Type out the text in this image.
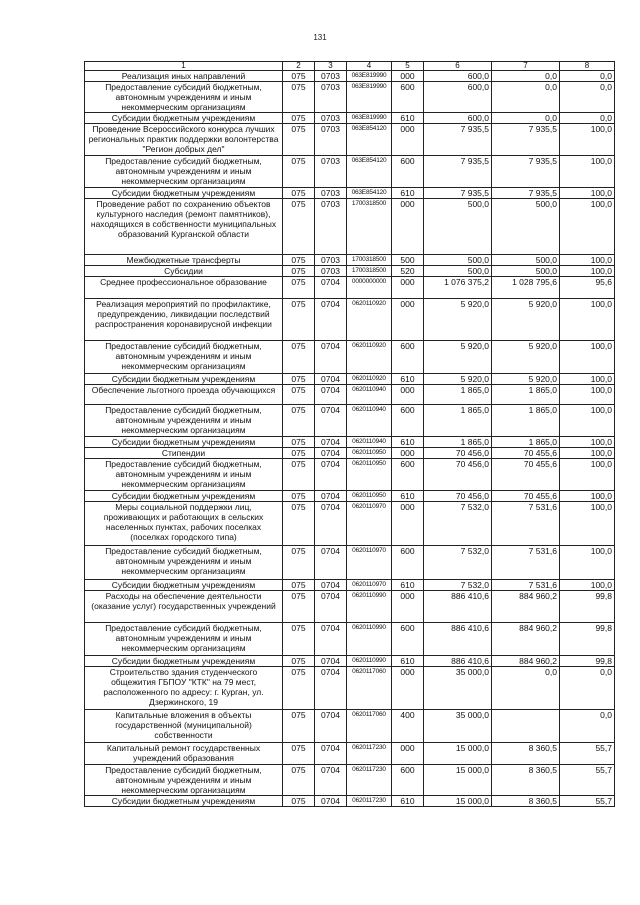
131
1	2	3	4	5	6	7	8
Реализация иных направлений	075	0703	063E819990	000	600,0	0,0	0,0
Предоставление субсидий бюджетным, автономным учреждениям и иным некоммерческим организациям	075	0703	063E819990	600	600,0	0,0	0,0
Субсидии бюджетным учреждениям	075	0703	063E819990	610	600,0	0,0	0,0
Проведение Всероссийского конкурса лучших региональных практик поддержки волонтерства "Регион добрых дел"	075	0703	063E854120	000	7 935,5	7 935,5	100,0
Предоставление субсидий бюджетным, автономным учреждениям и иным некоммерческим организациям	075	0703	063E854120	600	7 935,5	7 935,5	100,0
Субсидии бюджетным учреждениям	075	0703	063E854120	610	7 935,5	7 935,5	100,0
Проведение работ по сохранению объектов культурного наследия (ремонт памятников), находящихся в собственности муниципальных образований Курганской области	075	0703	1700318500	000	500,0	500,0	100,0
Межбюджетные трансферты	075	0703	1700318500	500	500,0	500,0	100,0
Субсидии	075	0703	1700318500	520	500,0	500,0	100,0
Среднее профессиональное образование	075	0704	0000000000	000	1 076 375,2	1 028 795,6	95,6
Реализация мероприятий по профилактике, предупреждению, ликвидации последствий распространения коронавирусной инфекции	075	0704	0620110920	000	5 920,0	5 920,0	100,0
Предоставление субсидий бюджетным, автономным учреждениям и иным некоммерческим организациям	075	0704	0620110920	600	5 920,0	5 920,0	100,0
Субсидии бюджетным учреждениям	075	0704	0620110920	610	5 920,0	5 920,0	100,0
Обеспечение льготного проезда обучающихся	075	0704	0620110940	000	1 865,0	1 865,0	100,0
Предоставление субсидий бюджетным, автономным учреждениям и иным некоммерческим организациям	075	0704	0620110940	600	1 865,0	1 865,0	100,0
Субсидии бюджетным учреждениям	075	0704	0620110940	610	1 865,0	1 865,0	100,0
Стипендии	075	0704	0620110950	000	70 456,0	70 455,6	100,0
Предоставление субсидий бюджетным, автономным учреждениям и иным некоммерческим организациям	075	0704	0620110950	600	70 456,0	70 455,6	100,0
Субсидии бюджетным учреждениям	075	0704	0620110950	610	70 456,0	70 455,6	100,0
Меры социальной поддержки лиц, проживающих и работающих в сельских населенных пунктах, рабочих поселках (поселках городского типа)	075	0704	0620110970	000	7 532,0	7 531,6	100,0
Предоставление субсидий бюджетным, автономным учреждениям и иным некоммерческим организациям	075	0704	0620110970	600	7 532,0	7 531,6	100,0
Субсидии бюджетным учреждениям	075	0704	0620110970	610	7 532,0	7 531,6	100,0
Расходы на обеспечение деятельности (оказание услуг) государственных учреждений	075	0704	0620110990	000	886 410,6	884 960,2	99,8
Предоставление субсидий бюджетным, автономным учреждениям и иным некоммерческим организациям	075	0704	0620110990	600	886 410,6	884 960,2	99,8
Субсидии бюджетным учреждениям	075	0704	0620110990	610	886 410,6	884 960,2	99,8
Строительство здания студенческого общежития ГБПОУ "КТК" на 79 мест, расположенного по адресу: г. Курган, ул. Дзержинского, 19	075	0704	0620117060	000	35 000,0	0,0	0,0
Капитальные вложения в объекты государственной (муниципальной) собственности	075	0704	0620117060	400	35 000,0		0,0
Капитальный ремонт государственных учреждений образования	075	0704	0620117230	000	15 000,0	8 360,5	55,7
Предоставление субсидий бюджетным, автономным учреждениям и иным некоммерческим организациям	075	0704	0620117230	600	15 000,0	8 360,5	55,7
Субсидии бюджетным учреждениям	075	0704	0620117230	610	15 000,0	8 360,5	55,7
